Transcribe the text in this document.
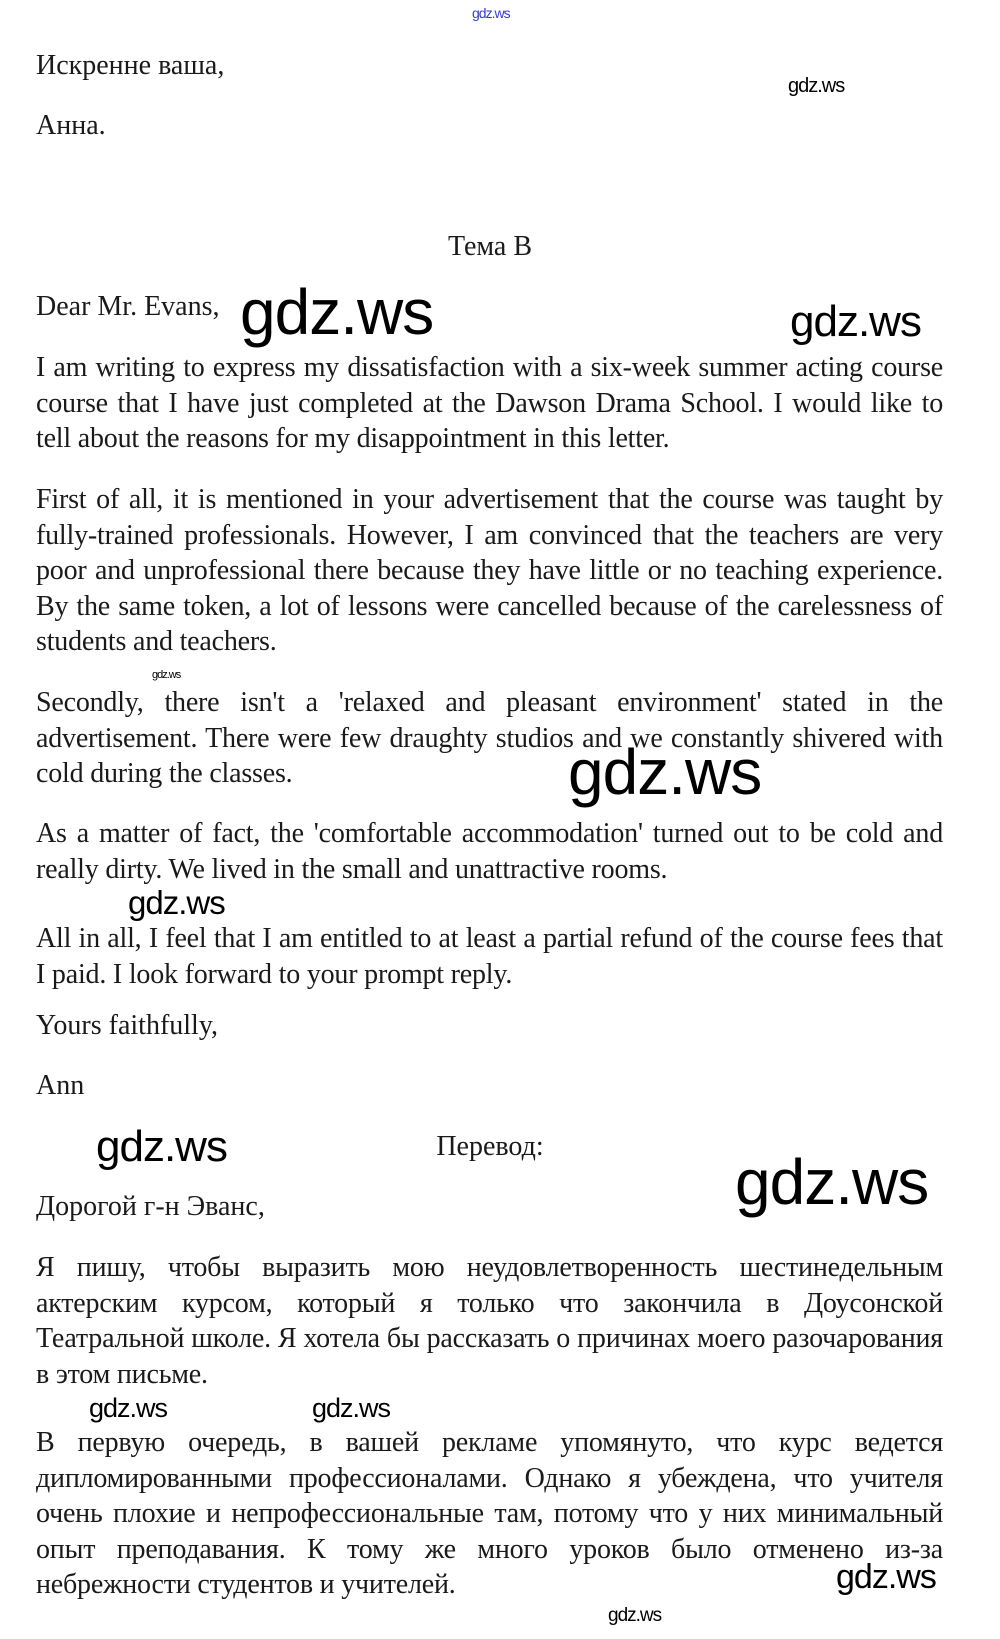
Искренне ваша,

Анна.

Тема В

Dear Mr. Evans,

I am writing to express my dissatisfaction with a six-week summer acting course course that I have just completed at the Dawson Drama School. I would like to tell about the reasons for my disappointment in this letter.

First of all, it is mentioned in your advertisement that the course was taught by fully-trained professionals. However, I am convinced that the teachers are very poor and unprofessional there because they have little or no teaching experience. By the same token, a lot of lessons were cancelled because of the carelessness of students and teachers.

Secondly, there isn't a 'relaxed and pleasant environment' stated in the advertisement. There were few draughty studios and we constantly shivered with cold during the classes.

As a matter of fact, the 'comfortable accommodation' turned out to be cold and really dirty. We lived in the small and unattractive rooms.

All in all, I feel that I am entitled to at least a partial refund of the course fees that I paid. I look forward to your prompt reply.

Yours faithfully,

Ann

Перевод:

Дорогой г-н Эванс,

Я пишу, чтобы выразить мою неудовлетворенность шестинедельным актерским курсом, который я только что закончила в Доусонской Театральной школе. Я хотела бы рассказать о причинах моего разочарования в этом письме.

В первую очередь, в вашей рекламе упомянуто, что курс ведется дипломированными профессионалами. Однако я убеждена, что учителя очень плохие и непрофессиональные там, потому что у них минимальный опыт преподавания. К тому же много уроков было отменено из-за небрежности студентов и учителей.

gdz.ws
gdz.ws
gdz.ws	gdz.ws
gdz.ws
gdz.ws
gdz.ws
gdz.ws	gdz.ws
gdz.ws	gdz.ws
gdz.ws
gdz.ws
